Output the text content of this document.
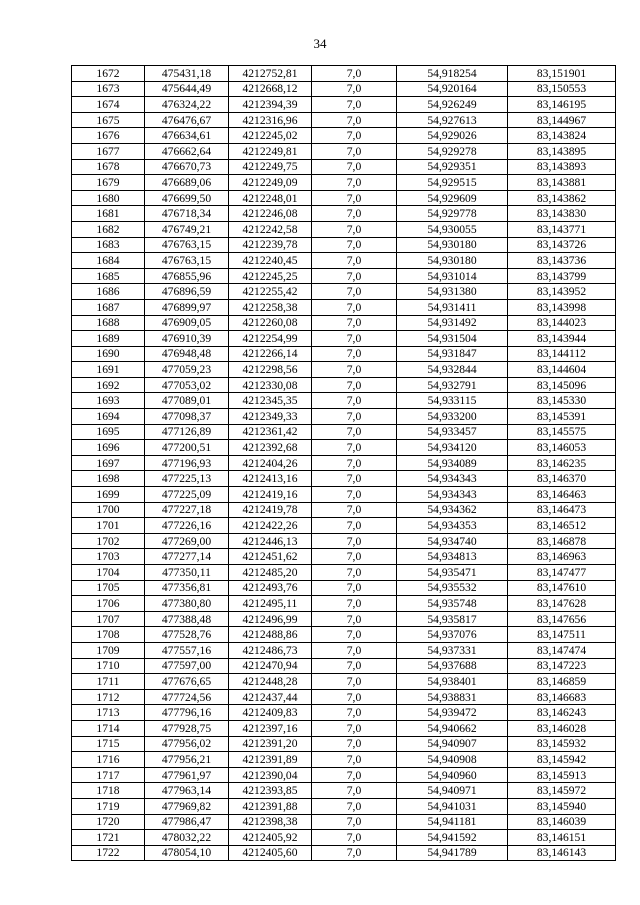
34
1672	475431,18	4212752,81	7,0	54,918254	83,151901
1673	475644,49	4212668,12	7,0	54,920164	83,150553
1674	476324,22	4212394,39	7,0	54,926249	83,146195
1675	476476,67	4212316,96	7,0	54,927613	83,144967
1676	476634,61	4212245,02	7,0	54,929026	83,143824
1677	476662,64	4212249,81	7,0	54,929278	83,143895
1678	476670,73	4212249,75	7,0	54,929351	83,143893
1679	476689,06	4212249,09	7,0	54,929515	83,143881
1680	476699,50	4212248,01	7,0	54,929609	83,143862
1681	476718,34	4212246,08	7,0	54,929778	83,143830
1682	476749,21	4212242,58	7,0	54,930055	83,143771
1683	476763,15	4212239,78	7,0	54,930180	83,143726
1684	476763,15	4212240,45	7,0	54,930180	83,143736
1685	476855,96	4212245,25	7,0	54,931014	83,143799
1686	476896,59	4212255,42	7,0	54,931380	83,143952
1687	476899,97	4212258,38	7,0	54,931411	83,143998
1688	476909,05	4212260,08	7,0	54,931492	83,144023
1689	476910,39	4212254,99	7,0	54,931504	83,143944
1690	476948,48	4212266,14	7,0	54,931847	83,144112
1691	477059,23	4212298,56	7,0	54,932844	83,144604
1692	477053,02	4212330,08	7,0	54,932791	83,145096
1693	477089,01	4212345,35	7,0	54,933115	83,145330
1694	477098,37	4212349,33	7,0	54,933200	83,145391
1695	477126,89	4212361,42	7,0	54,933457	83,145575
1696	477200,51	4212392,68	7,0	54,934120	83,146053
1697	477196,93	4212404,26	7,0	54,934089	83,146235
1698	477225,13	4212413,16	7,0	54,934343	83,146370
1699	477225,09	4212419,16	7,0	54,934343	83,146463
1700	477227,18	4212419,78	7,0	54,934362	83,146473
1701	477226,16	4212422,26	7,0	54,934353	83,146512
1702	477269,00	4212446,13	7,0	54,934740	83,146878
1703	477277,14	4212451,62	7,0	54,934813	83,146963
1704	477350,11	4212485,20	7,0	54,935471	83,147477
1705	477356,81	4212493,76	7,0	54,935532	83,147610
1706	477380,80	4212495,11	7,0	54,935748	83,147628
1707	477388,48	4212496,99	7,0	54,935817	83,147656
1708	477528,76	4212488,86	7,0	54,937076	83,147511
1709	477557,16	4212486,73	7,0	54,937331	83,147474
1710	477597,00	4212470,94	7,0	54,937688	83,147223
1711	477676,65	4212448,28	7,0	54,938401	83,146859
1712	477724,56	4212437,44	7,0	54,938831	83,146683
1713	477796,16	4212409,83	7,0	54,939472	83,146243
1714	477928,75	4212397,16	7,0	54,940662	83,146028
1715	477956,02	4212391,20	7,0	54,940907	83,145932
1716	477956,21	4212391,89	7,0	54,940908	83,145942
1717	477961,97	4212390,04	7,0	54,940960	83,145913
1718	477963,14	4212393,85	7,0	54,940971	83,145972
1719	477969,82	4212391,88	7,0	54,941031	83,145940
1720	477986,47	4212398,38	7,0	54,941181	83,146039
1721	478032,22	4212405,92	7,0	54,941592	83,146151
1722	478054,10	4212405,60	7,0	54,941789	83,146143
